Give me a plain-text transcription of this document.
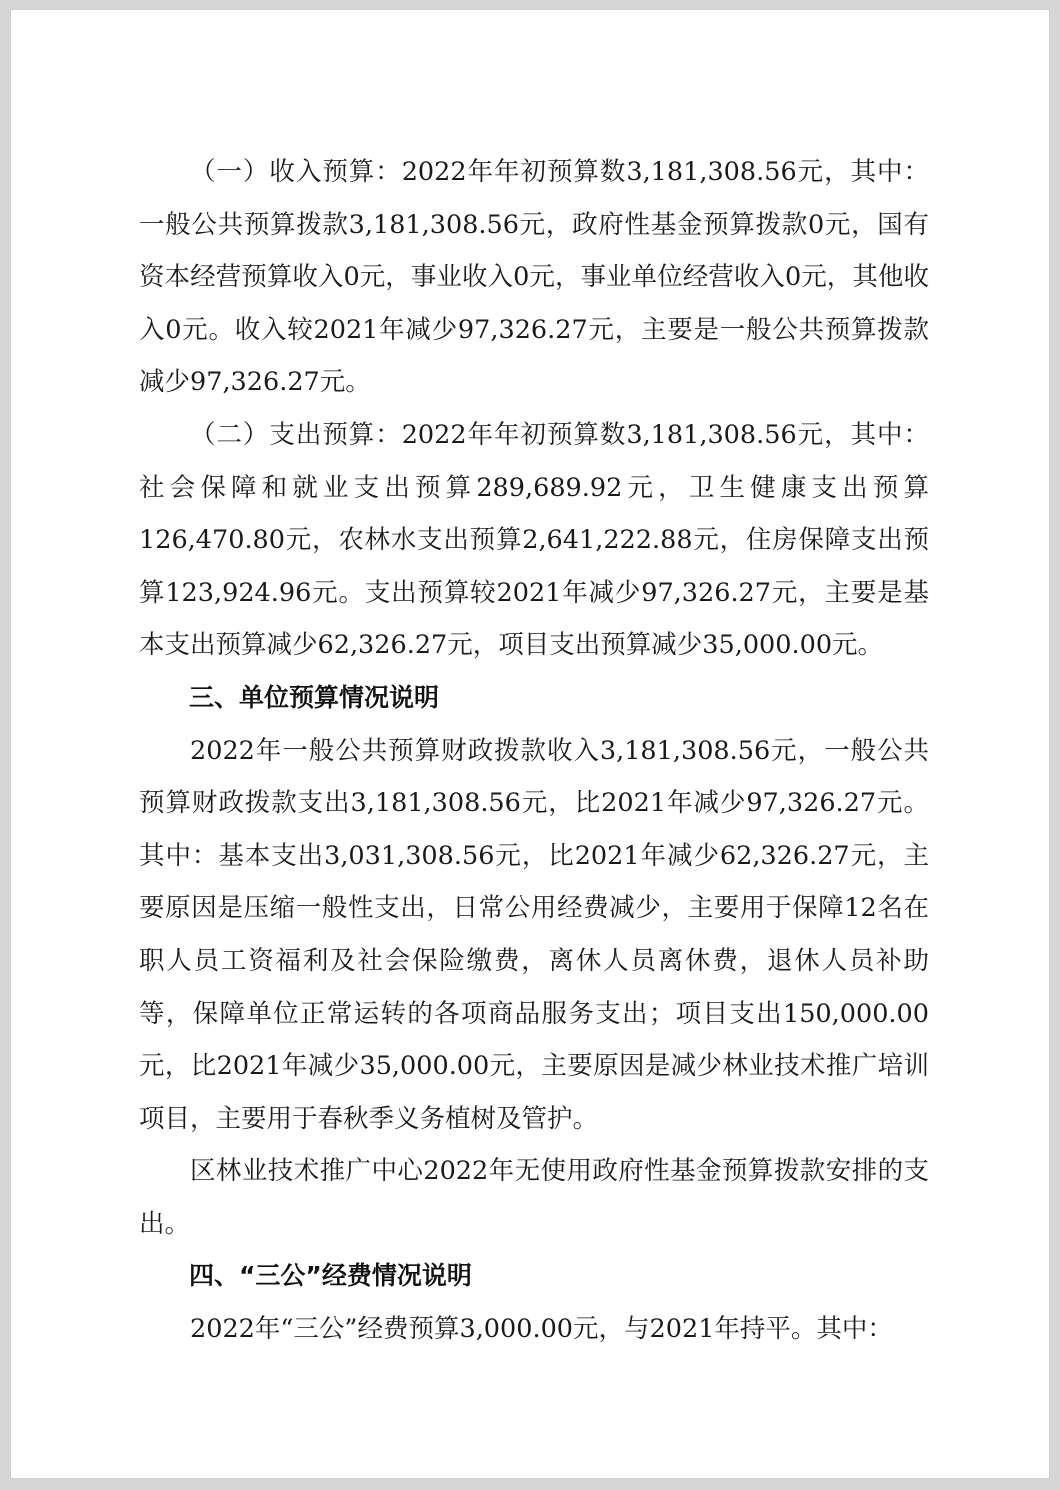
（一）收入预算：2022年年初预算数3,181,308.56元，其中：一般公共预算拨款3,181,308.56元，政府性基金预算拨款0元，国有资本经营预算收入0元，事业收入0元，事业单位经营收入0元，其他收入0元。收入较2021年减少97,326.27元，主要是一般公共预算拨款减少97,326.27元。

（二）支出预算：2022年年初预算数3,181,308.56元，其中：社会保障和就业支出预算289,689.92元，卫生健康支出预算126,470.80元，农林水支出预算2,641,222.88元，住房保障支出预算123,924.96元。支出预算较2021年减少97,326.27元，主要是基本支出预算减少62,326.27元，项目支出预算减少35,000.00元。

三、单位预算情况说明

2022年一般公共预算财政拨款收入3,181,308.56元，一般公共预算财政拨款支出3,181,308.56元，比2021年减少97,326.27元。其中：基本支出3,031,308.56元，比2021年减少62,326.27元，主要原因是压缩一般性支出，日常公用经费减少，主要用于保障12名在职人员工资福利及社会保险缴费，离休人员离休费，退休人员补助等，保障单位正常运转的各项商品服务支出；项目支出150,000.00元，比2021年减少35,000.00元，主要原因是减少林业技术推广培训项目，主要用于春秋季义务植树及管护。

区林业技术推广中心2022年无使用政府性基金预算拨款安排的支出。

四、“三公”经费情况说明

2022年“三公”经费预算3,000.00元，与2021年持平。其中：
